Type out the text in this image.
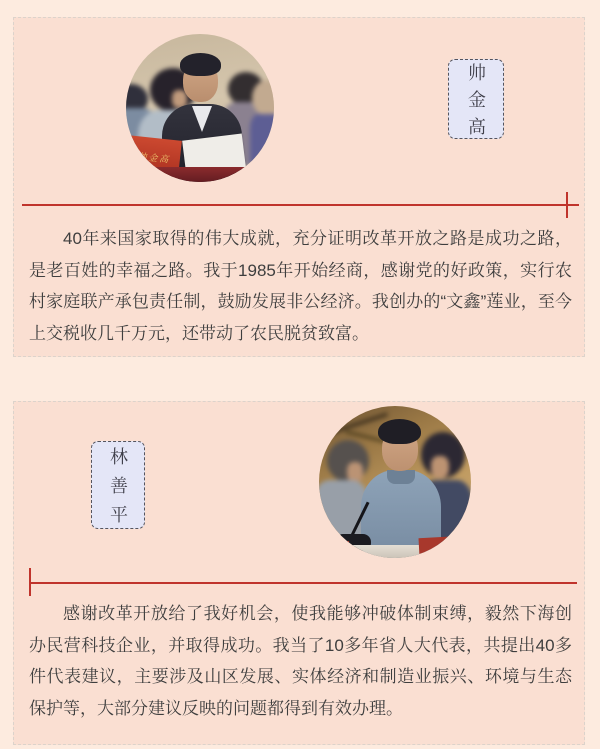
帅金高
帅金高

40年来国家取得的伟大成就，充分证明改革开放之路是成功之路，是老百姓的幸福之路。我于1985年开始经商，感谢党的好政策，实行农村家庭联产承包责任制，鼓励发展非公经济。我创办的“文鑫”莲业，至今上交税收几千万元，还带动了农民脱贫致富。

林善平

感谢改革开放给了我好机会，使我能够冲破体制束缚，毅然下海创办民营科技企业，并取得成功。我当了10多年省人大代表，共提出40多件代表建议，主要涉及山区发展、实体经济和制造业振兴、环境与生态保护等，大部分建议反映的问题都得到有效办理。
